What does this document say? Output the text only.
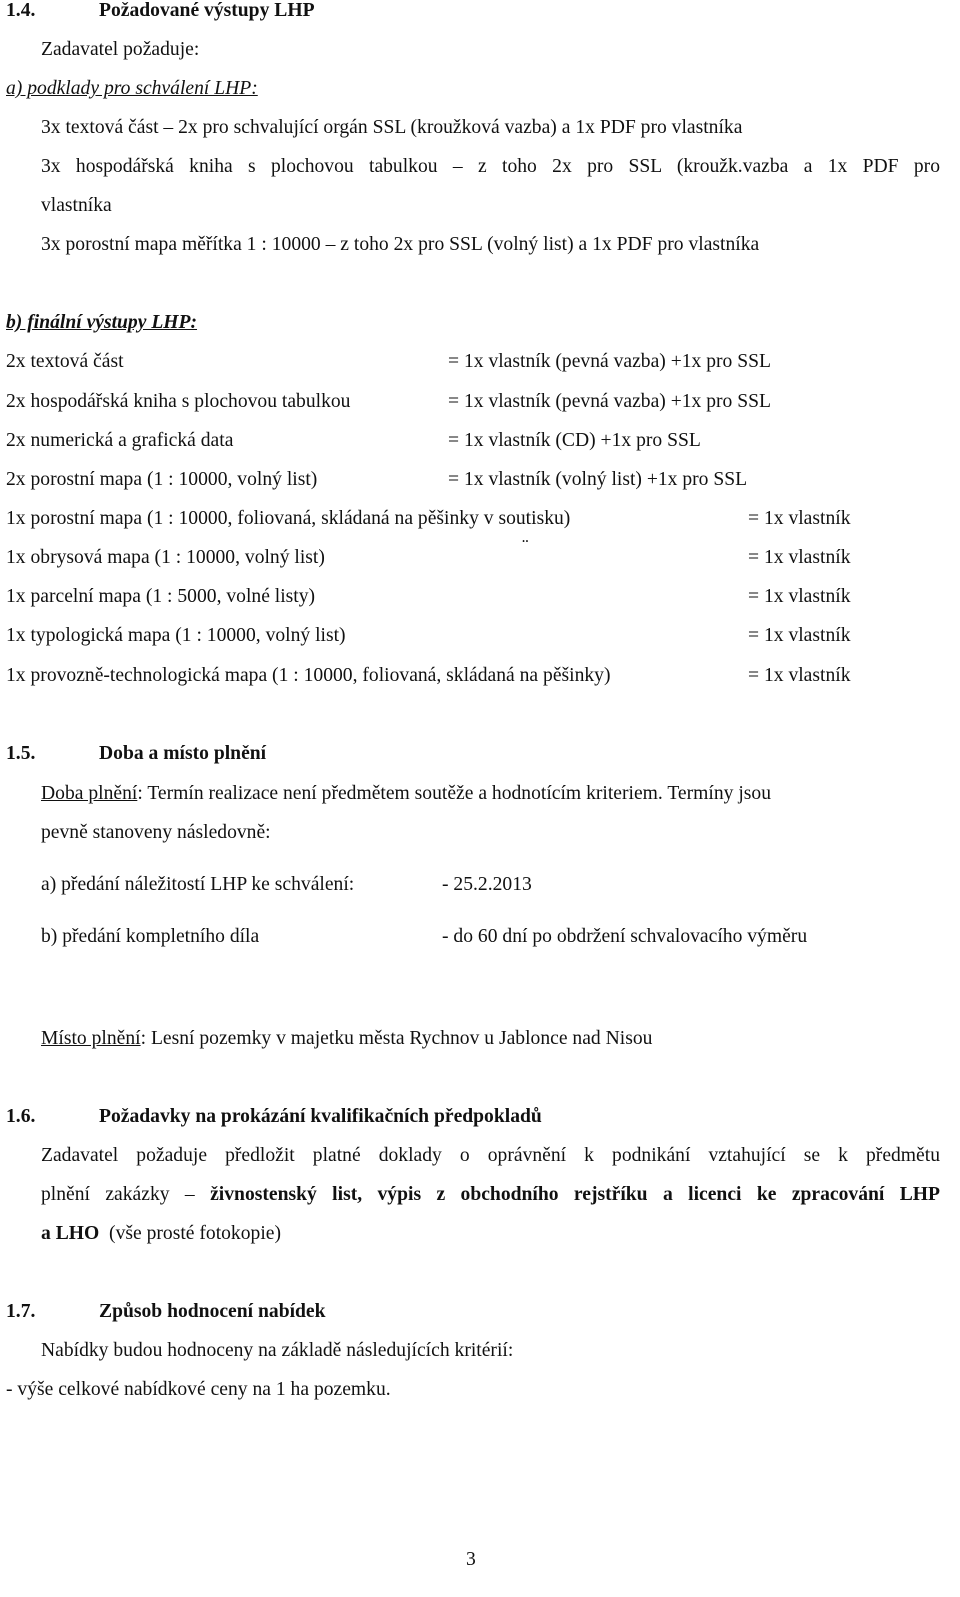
1.4.	Požadované výstupy LHP
Zadavatel požaduje:
a) podklady pro schválení LHP:
3x textová část – 2x pro schvalující orgán SSL (kroužková vazba) a 1x PDF pro vlastníka
3x hospodářská kniha s plochovou tabulkou – z toho 2x pro SSL (kroužk.vazba a 1x PDF pro
vlastníka
3x porostní mapa měřítka 1 : 10000 – z toho 2x pro SSL (volný list) a 1x PDF pro vlastníka
b) finální výstupy LHP:
2x textová část	= 1x vlastník (pevná vazba) +1x pro SSL
2x hospodářská kniha s plochovou tabulkou	= 1x vlastník (pevná vazba) +1x pro SSL
2x numerická a grafická data	= 1x vlastník (CD) +1x pro SSL
2x porostní mapa (1 : 10000, volný list)	= 1x vlastník (volný list) +1x pro SSL
1x porostní mapa (1 : 10000, foliovaná, skládaná na pěšinky v soutisku)	= 1x vlastník
1x obrysová mapa (1 : 10000, volný list)	¨	= 1x vlastník
1x parcelní mapa (1 : 5000, volné listy)	= 1x vlastník
1x typologická mapa (1 : 10000, volný list)	= 1x vlastník
1x provozně-technologická mapa (1 : 10000, foliovaná, skládaná na pěšinky)	= 1x vlastník
1.5.	Doba a místo plnění
Doba plnění: Termín realizace není předmětem soutěže a hodnotícím kriteriem. Termíny jsou
pevně stanoveny následovně:
a) předání náležitostí LHP ke schválení:	- 25.2.2013
b) předání kompletního díla	- do 60 dní po obdržení schvalovacího výměru
Místo plnění: Lesní pozemky v majetku města Rychnov u Jablonce nad Nisou
1.6.	Požadavky na prokázání kvalifikačních předpokladů
Zadavatel požaduje předložit platné doklady o oprávnění k podnikání vztahující se k předmětu
plnění zakázky – živnostenský list, výpis z obchodního rejstříku a licenci ke zpracování LHP
a LHO (vše prosté fotokopie)
1.7.	Způsob hodnocení nabídek
Nabídky budou hodnoceny na základě následujících kritérií:
- výše celkové nabídkové ceny na 1 ha pozemku.
3
